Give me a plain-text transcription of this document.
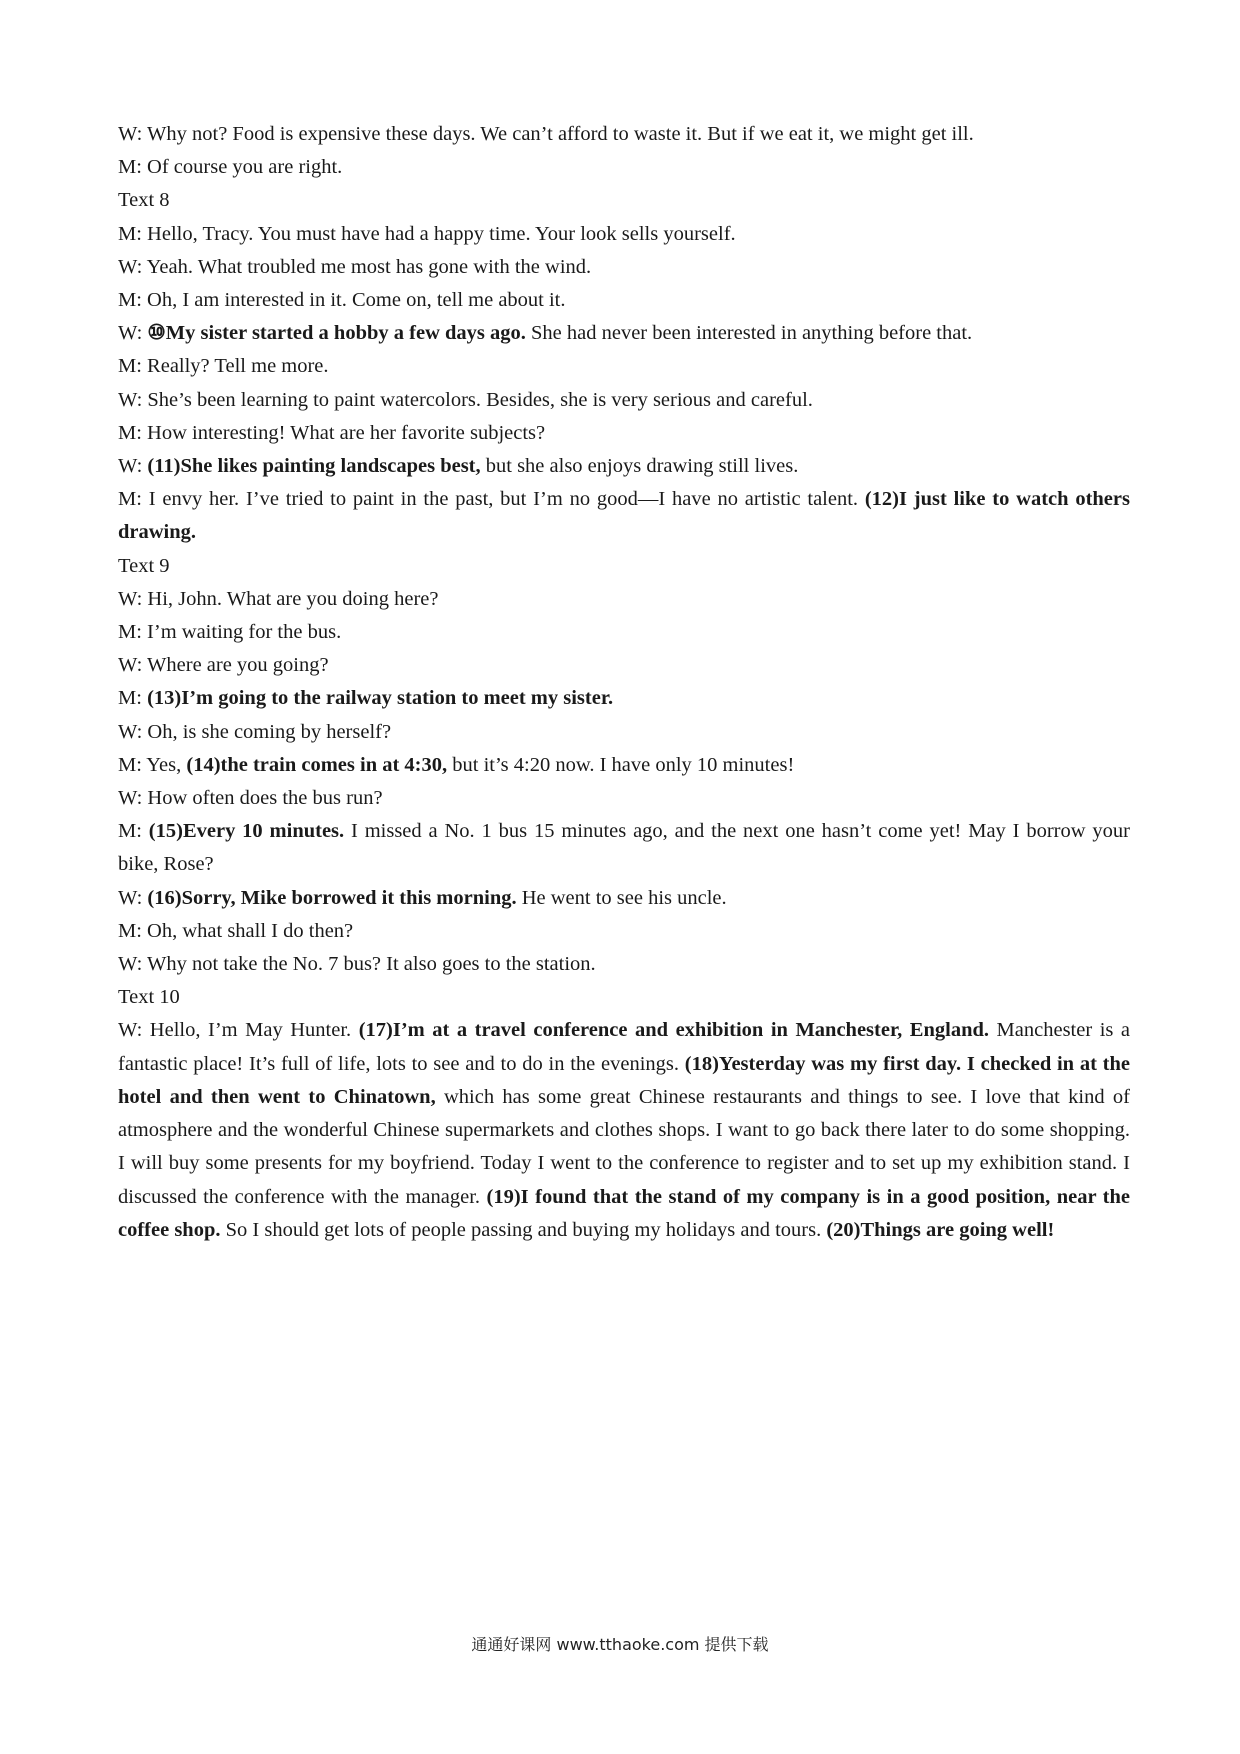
W: Why not? Food is expensive these days. We can’t afford to waste it. But if we eat it, we might get ill.

M: Of course you are right.

Text 8

M: Hello, Tracy. You must have had a happy time. Your look sells yourself.

W: Yeah. What troubled me most has gone with the wind.

M: Oh, I am interested in it. Come on, tell me about it.

W: ⑩My sister started a hobby a few days ago. She had never been interested in anything before that.

M: Really? Tell me more.

W: She’s been learning to paint watercolors. Besides, she is very serious and careful.

M: How interesting! What are her favorite subjects?

W: (11)She likes painting landscapes best, but she also enjoys drawing still lives.

M: I envy her. I’ve tried to paint in the past, but I’m no good—I have no artistic talent. (12)I just like to watch others drawing.

Text 9

W: Hi, John. What are you doing here?

M: I’m waiting for the bus.

W: Where are you going?

M: (13)I’m going to the railway station to meet my sister.

W: Oh, is she coming by herself?

M: Yes, (14)the train comes in at 4:30, but it’s 4:20 now. I have only 10 minutes!

W: How often does the bus run?

M: (15)Every 10 minutes. I missed a No. 1 bus 15 minutes ago, and the next one hasn’t come yet! May I borrow your bike, Rose?

W: (16)Sorry, Mike borrowed it this morning. He went to see his uncle.

M: Oh, what shall I do then?

W: Why not take the No. 7 bus? It also goes to the station.

Text 10

W: Hello, I’m May Hunter. (17)I’m at a travel conference and exhibition in Manchester, England. Manchester is a fantastic place! It’s full of life, lots to see and to do in the evenings. (18)Yesterday was my first day. I checked in at the hotel and then went to Chinatown, which has some great Chinese restaurants and things to see. I love that kind of atmosphere and the wonderful Chinese supermarkets and clothes shops. I want to go back there later to do some shopping. I will buy some presents for my boyfriend. Today I went to the conference to register and to set up my exhibition stand. I discussed the conference with the manager. (19)I found that the stand of my company is in a good position, near the coffee shop. So I should get lots of people passing and buying my holidays and tours. (20)Things are going well!

通通好课网 www.tthaoke.com 提供下载
